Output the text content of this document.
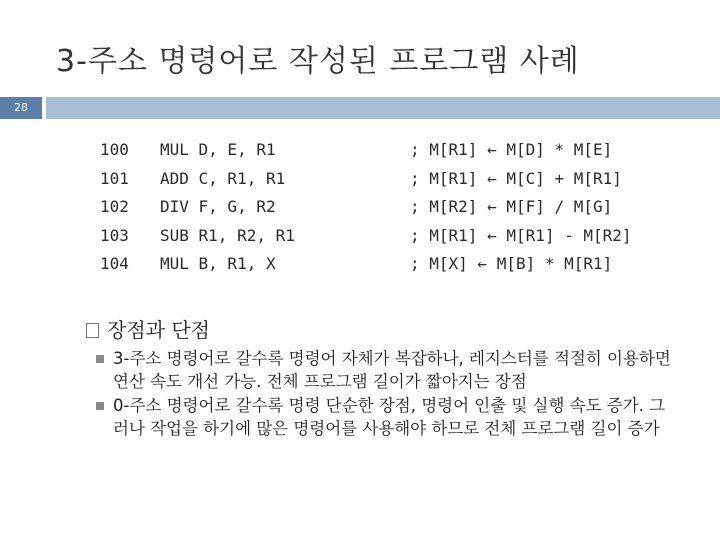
3-주소 명령어로 작성된 프로그램 사례
28
100 MUL D, E, R1	; M[R1] ← M[D] * M[E]
101 ADD C, R1, R1	; M[R1] ← M[C] + M[R1]
102 DIV F, G, R2	; M[R2] ← M[F] / M[G]
103 SUB R1, R2, R1	; M[R1] ← M[R1] - M[R2]
104 MUL B, R1, X	; M[X] ← M[B] * M[R1]
장점과 단점
3-주소 명령어로 갈수록 명령어 자체가 복잡하나, 레지스터를 적절히 이용하면 연산 속도 개선 가능. 전체 프로그램 길이가 짧아지는 장점
0-주소 명령어로 갈수록 명령 단순한 장점, 명령어 인출 및 실행 속도 증가. 그러나 작업을 하기에 많은 명령어를 사용해야 하므로 전체 프로그램 길이 증가
